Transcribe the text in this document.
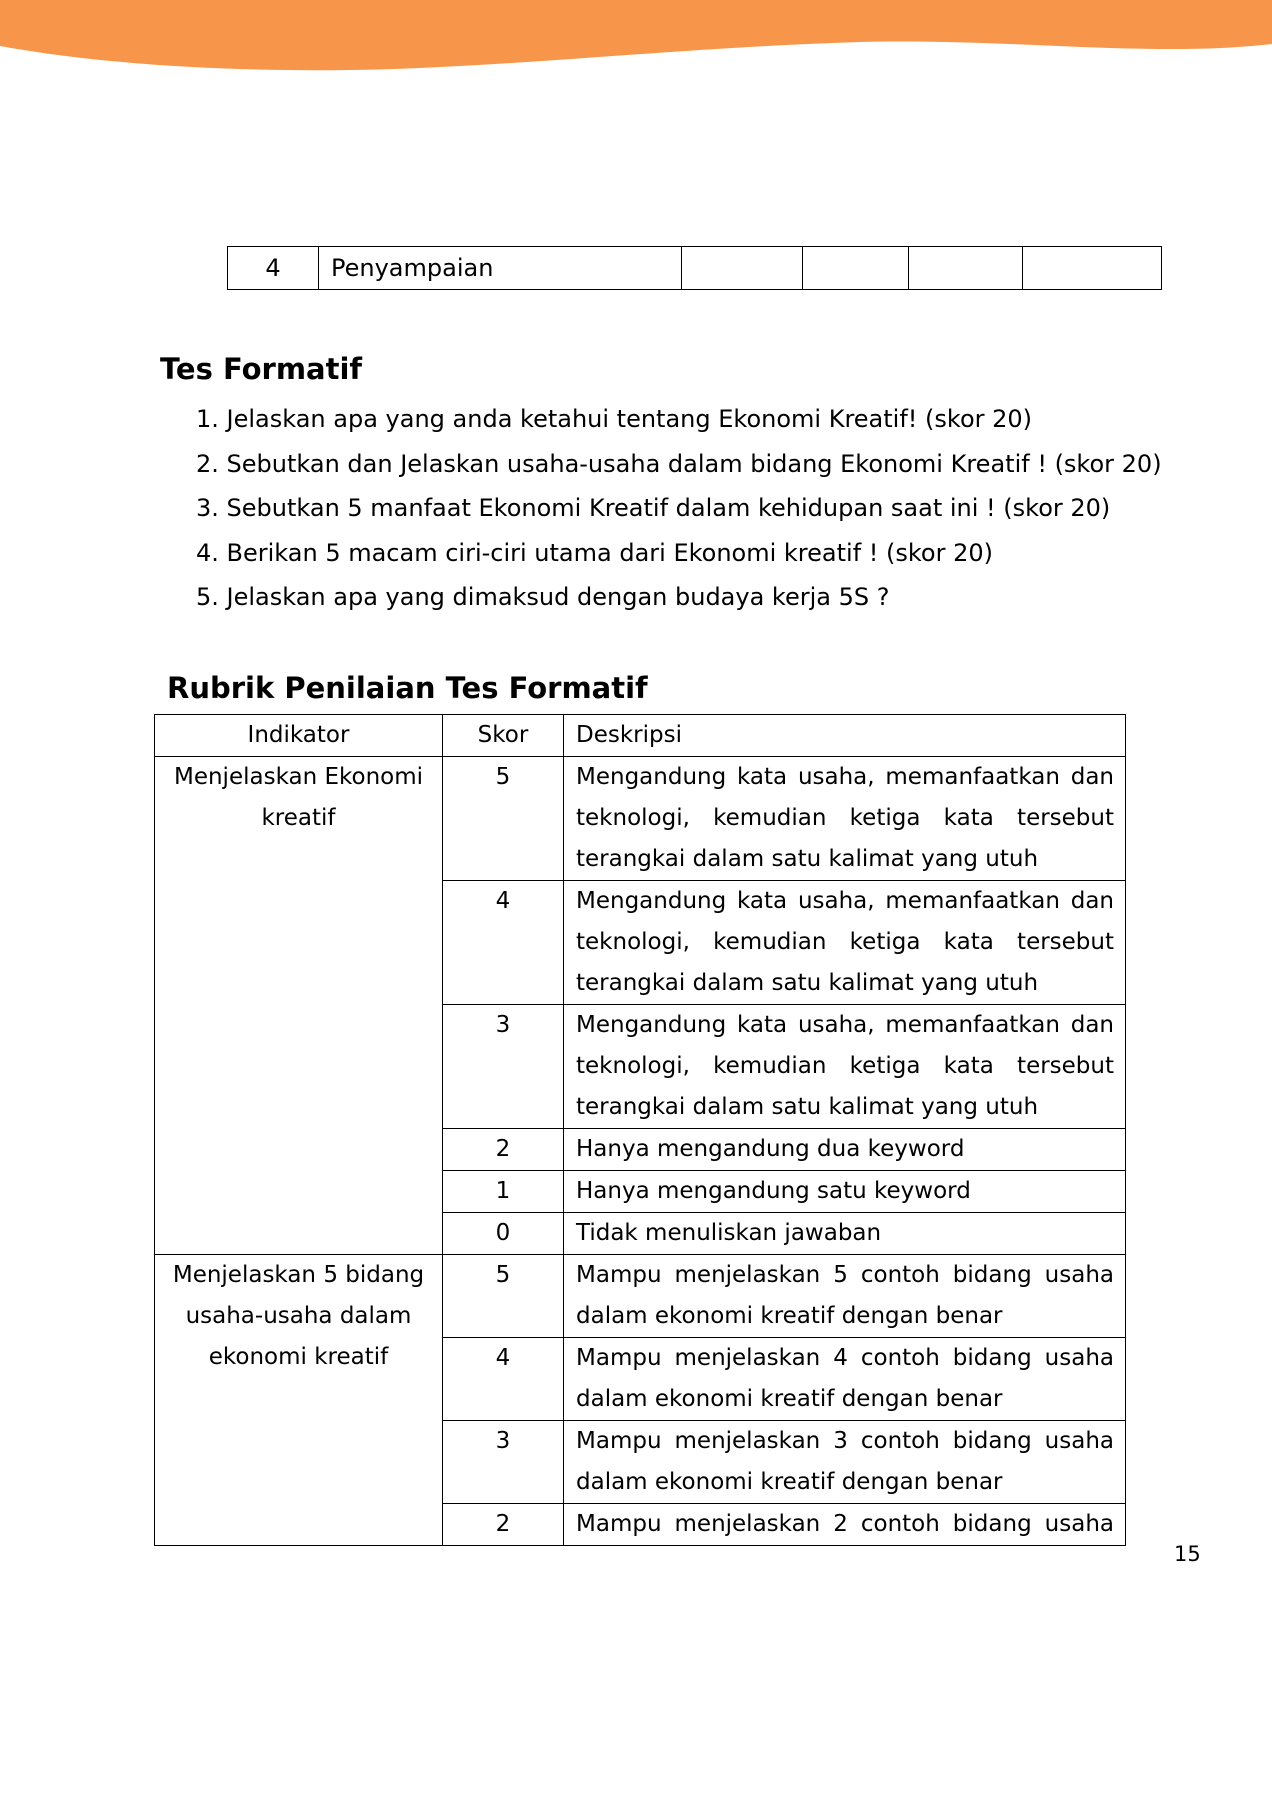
4	Penyampaian				
Tes Formatif
1. Jelaskan apa yang anda ketahui tentang Ekonomi Kreatif! (skor 20)
2. Sebutkan dan Jelaskan usaha-usaha dalam bidang Ekonomi Kreatif ! (skor 20)
3. Sebutkan 5 manfaat Ekonomi Kreatif dalam kehidupan saat ini ! (skor 20)
4. Berikan 5 macam ciri-ciri utama dari Ekonomi kreatif ! (skor 20)
5. Jelaskan apa yang dimaksud dengan budaya kerja 5S ?
Rubrik Penilaian Tes Formatif
Indikator	Skor	Deskripsi
Menjelaskan Ekonomi kreatif	5	Mengandung kata usaha, memanfaatkan dan teknologi, kemudian ketiga kata tersebut terangkai dalam satu kalimat yang utuh
	4	Mengandung kata usaha, memanfaatkan dan teknologi, kemudian ketiga kata tersebut terangkai dalam satu kalimat yang utuh
	3	Mengandung kata usaha, memanfaatkan dan teknologi, kemudian ketiga kata tersebut terangkai dalam satu kalimat yang utuh
	2	Hanya mengandung dua keyword
	1	Hanya mengandung satu keyword
	0	Tidak menuliskan jawaban
Menjelaskan 5 bidang usaha-usaha dalam ekonomi kreatif	5	Mampu menjelaskan 5 contoh bidang usaha dalam ekonomi kreatif dengan benar
	4	Mampu menjelaskan 4 contoh bidang usaha dalam ekonomi kreatif dengan benar
	3	Mampu menjelaskan 3 contoh bidang usaha dalam ekonomi kreatif dengan benar
	2	Mampu menjelaskan 2 contoh bidang usaha
15
